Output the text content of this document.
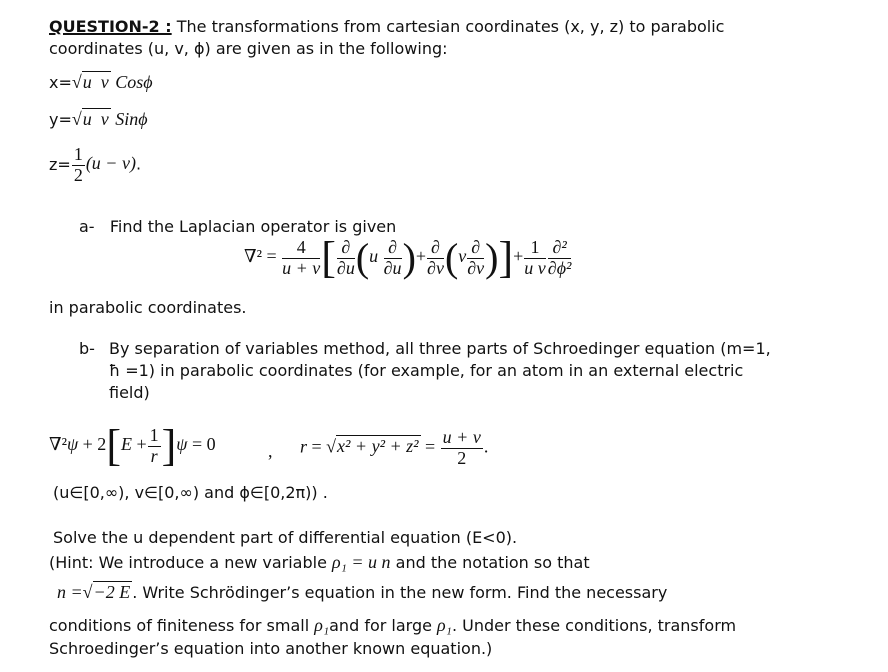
QUESTION-2 : The transformations from cartesian coordinates (x, y, z) to parabolic
coordinates (u, v, ϕ) are given as in the following:
x=√u  v Cosϕ
y=√u  v Sinϕ
$z= \frac{1}{2} (u - v)$.
a- Find the Laplacian operator is given
$\nabla^2 = \frac{4}{u + v}$ [ ∂
∂u (u ∂
∂u )+ ∂
∂v (v ∂
∂v )]+ $\frac{1}{\text{u v}} \partial^2$
∂ϕ²
in parabolic coordinates.
b- By separation of variables method, all three parts of Schroedinger equation (m=1,
ħ =1) in parabolic coordinates (for example, for an atom in an external electric
field)
$\nabla^2\psi + 2[E + \frac{1}{r} ]\psi = 0$	, $r = √x^2 + y^2 + z^2 = \frac{u + v}{2}$ .
(u∈[0,∞), v∈[0,∞) and ϕ∈[0,2π)) .
Solve the u dependent part of differential equation (E<0).
(Hint: We introduce a new variable ρ₁ = u n and the notation so that
n =√−2 E . Write Schrödinger’s equation in the new form. Find the necessary
conditions of finiteness for small ρ₁and for large ρ₁. Under these conditions, transform
Schroedinger’s equation into another known equation.)
